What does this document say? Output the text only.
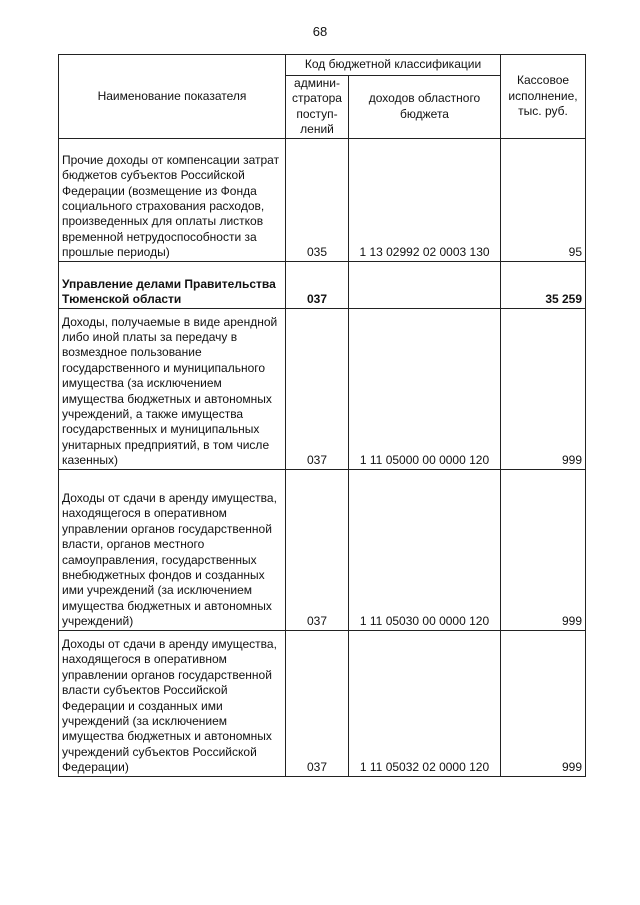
68
Наименование показателя	Код бюджетной классификации		Кассовое исполнение, тыс. руб.
	админи-стратора поступ-лений	доходов областного бюджета	
Прочие доходы от компенсации затрат бюджетов субъектов Российской Федерации (возмещение из Фонда социального страхования расходов, произведенных для оплаты листков временной нетрудоспособности за прошлые периоды)	035	1 13 02992 02 0003 130	95
Управление делами Правительства Тюменской области	037		35 259
Доходы, получаемые в виде арендной либо иной платы за передачу в возмездное пользование государственного и муниципального имущества (за исключением имущества бюджетных и автономных учреждений, а также имущества государственных и муниципальных унитарных предприятий, в том числе казенных)	037	1 11 05000 00 0000 120	999
Доходы от сдачи в аренду имущества, находящегося в оперативном управлении органов государственной власти, органов местного самоуправления, государственных внебюджетных фондов и созданных ими учреждений (за исключением имущества бюджетных и автономных учреждений)	037	1 11 05030 00 0000 120	999
Доходы от сдачи в аренду имущества, находящегося в оперативном управлении органов государственной власти субъектов Российской Федерации и созданных ими учреждений (за исключением имущества бюджетных и автономных учреждений субъектов Российской Федерации)	037	1 11 05032 02 0000 120	999
